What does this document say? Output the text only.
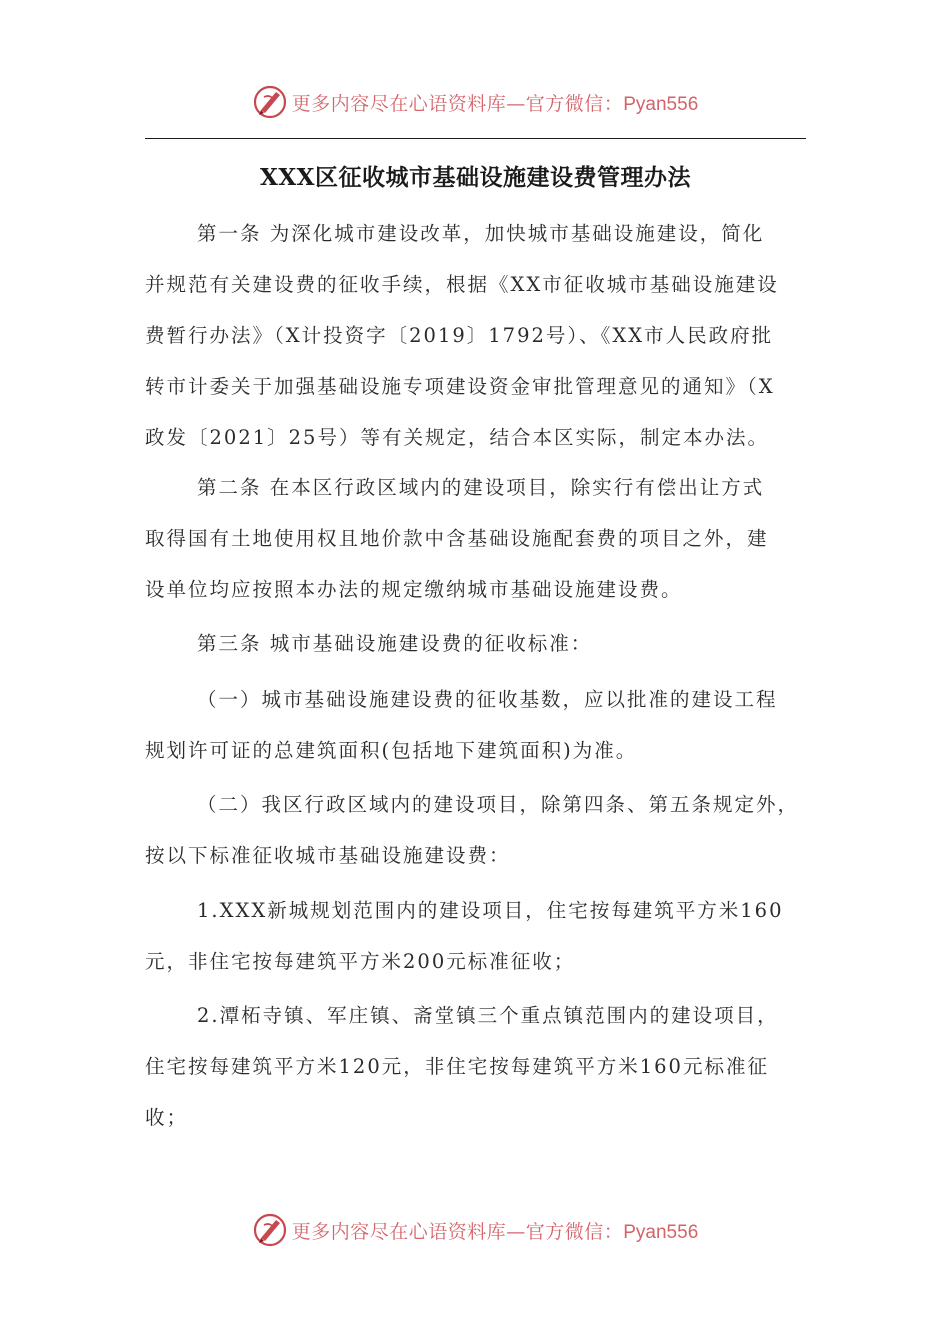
更多内容尽在心语资料库—官方微信：Pyan556
XXX区征收城市基础设施建设费管理办法
第一条 为深化城市建设改革，加快城市基础设施建设，简化
并规范有关建设费的征收手续，根据《XX市征收城市基础设施建设
费暂行办法》（X计投资字〔2019〕1792号）、《XX市人民政府批
转市计委关于加强基础设施专项建设资金审批管理意见的通知》（X
政发〔2021〕25号）等有关规定，结合本区实际，制定本办法。
第二条 在本区行政区域内的建设项目，除实行有偿出让方式
取得国有土地使用权且地价款中含基础设施配套费的项目之外，建
设单位均应按照本办法的规定缴纳城市基础设施建设费。
第三条 城市基础设施建设费的征收标准：
（一）城市基础设施建设费的征收基数，应以批准的建设工程
规划许可证的总建筑面积(包括地下建筑面积)为准。
（二）我区行政区域内的建设项目，除第四条、第五条规定外，
按以下标准征收城市基础设施建设费：
1.XXX新城规划范围内的建设项目，住宅按每建筑平方米160
元，非住宅按每建筑平方米200元标准征收；
2.潭柘寺镇、军庄镇、斋堂镇三个重点镇范围内的建设项目，
住宅按每建筑平方米120元，非住宅按每建筑平方米160元标准征
收；
更多内容尽在心语资料库—官方微信：Pyan556
